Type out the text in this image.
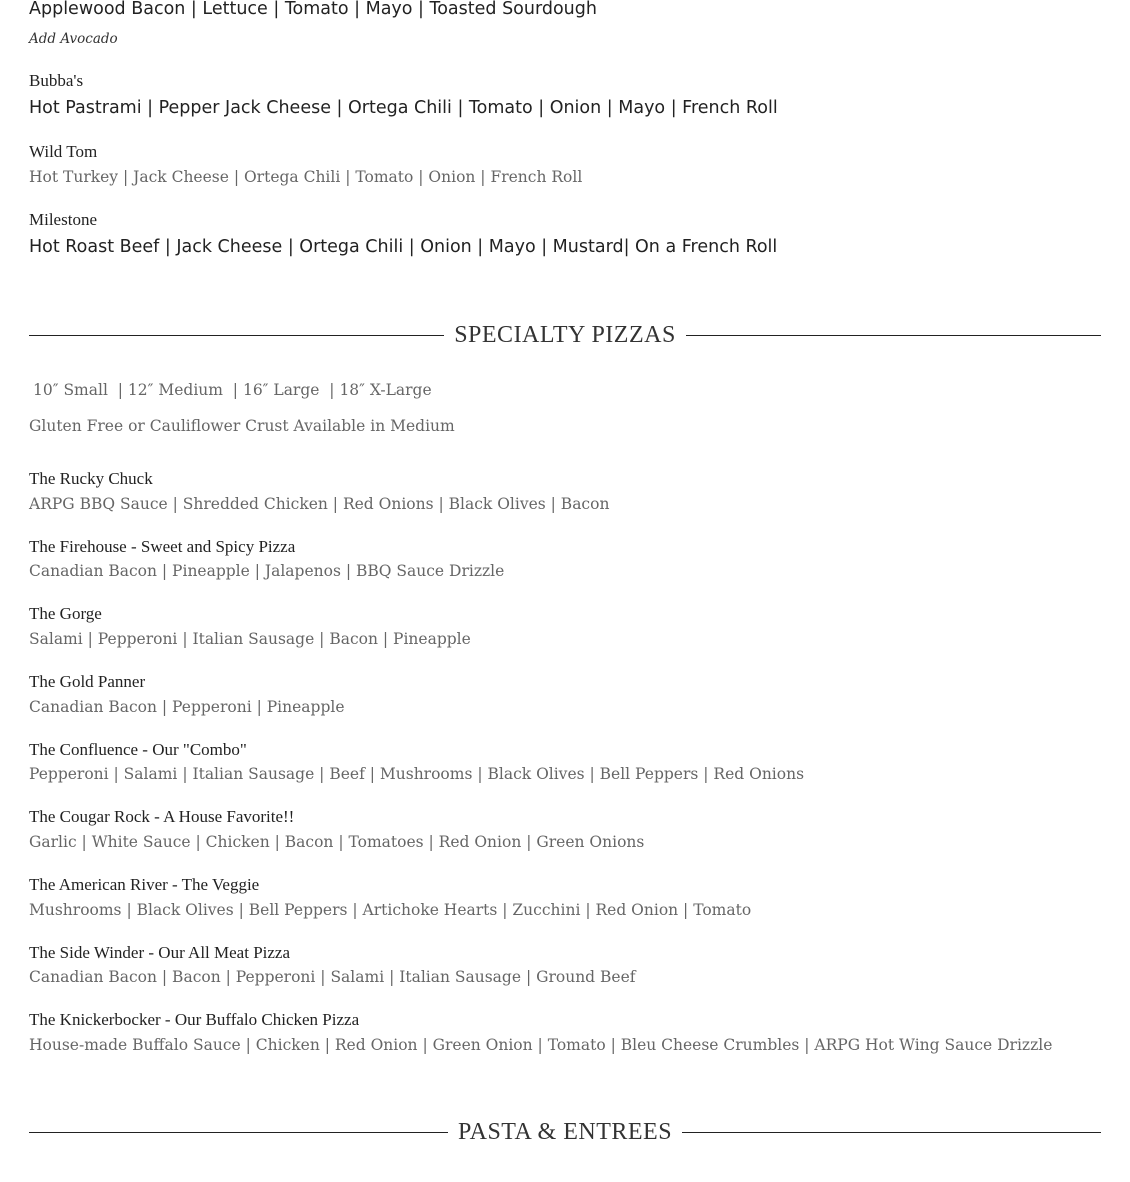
Applewood Bacon | Lettuce | Tomato | Mayo | Toasted Sourdough
Add Avocado
Bubba's
Hot Pastrami | Pepper Jack Cheese | Ortega Chili | Tomato | Onion | Mayo | French Roll
Wild Tom
Hot Turkey | Jack Cheese | Ortega Chili | Tomato | Onion | French Roll
Milestone
Hot Roast Beef | Jack Cheese | Ortega Chili | Onion | Mayo | Mustard| On a French Roll
SPECIALTY PIZZAS
10″ Small  | 12″ Medium  | 16″ Large  | 18″ X-Large
Gluten Free or Cauliflower Crust Available in Medium
The Rucky Chuck
ARPG BBQ Sauce | Shredded Chicken | Red Onions | Black Olives | Bacon
The Firehouse - Sweet and Spicy Pizza
Canadian Bacon | Pineapple | Jalapenos | BBQ Sauce Drizzle
The Gorge
Salami | Pepperoni | Italian Sausage | Bacon | Pineapple
The Gold Panner
Canadian Bacon | Pepperoni | Pineapple
The Confluence - Our "Combo"
Pepperoni | Salami | Italian Sausage | Beef | Mushrooms | Black Olives | Bell Peppers | Red Onions
The Cougar Rock - A House Favorite!!
Garlic | White Sauce | Chicken | Bacon | Tomatoes | Red Onion | Green Onions
The American River - The Veggie
Mushrooms | Black Olives | Bell Peppers | Artichoke Hearts | Zucchini | Red Onion | Tomato
The Side Winder - Our All Meat Pizza
Canadian Bacon | Bacon | Pepperoni | Salami | Italian Sausage | Ground Beef
The Knickerbocker - Our Buffalo Chicken Pizza
House-made Buffalo Sauce | Chicken | Red Onion | Green Onion | Tomato | Bleu Cheese Crumbles | ARPG Hot Wing Sauce Drizzle
PASTA & ENTREES
